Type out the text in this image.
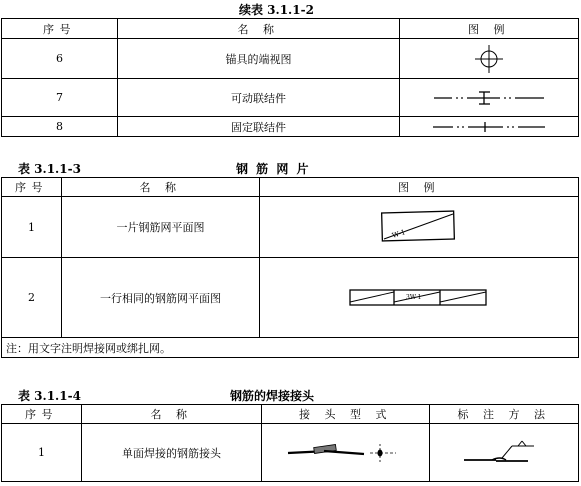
续表 3.1.1-2
序号	名 称	图 例
6	锚具的端视图	

7	可动联结件	

8	固定联结件	
表 3.1.1-3	钢 筋 网 片
序号	名 称	图 例
1	一片钢筋网平面图	W-1

2	一行相同的钢筋网平面图	3W-1

注：用文字注明焊接网或绑扎网。		
表 3.1.1-4	钢筋的焊接接头
序号	名 称	接 头 型 式	标 注 方 法
1	单面焊接的钢筋接头	
